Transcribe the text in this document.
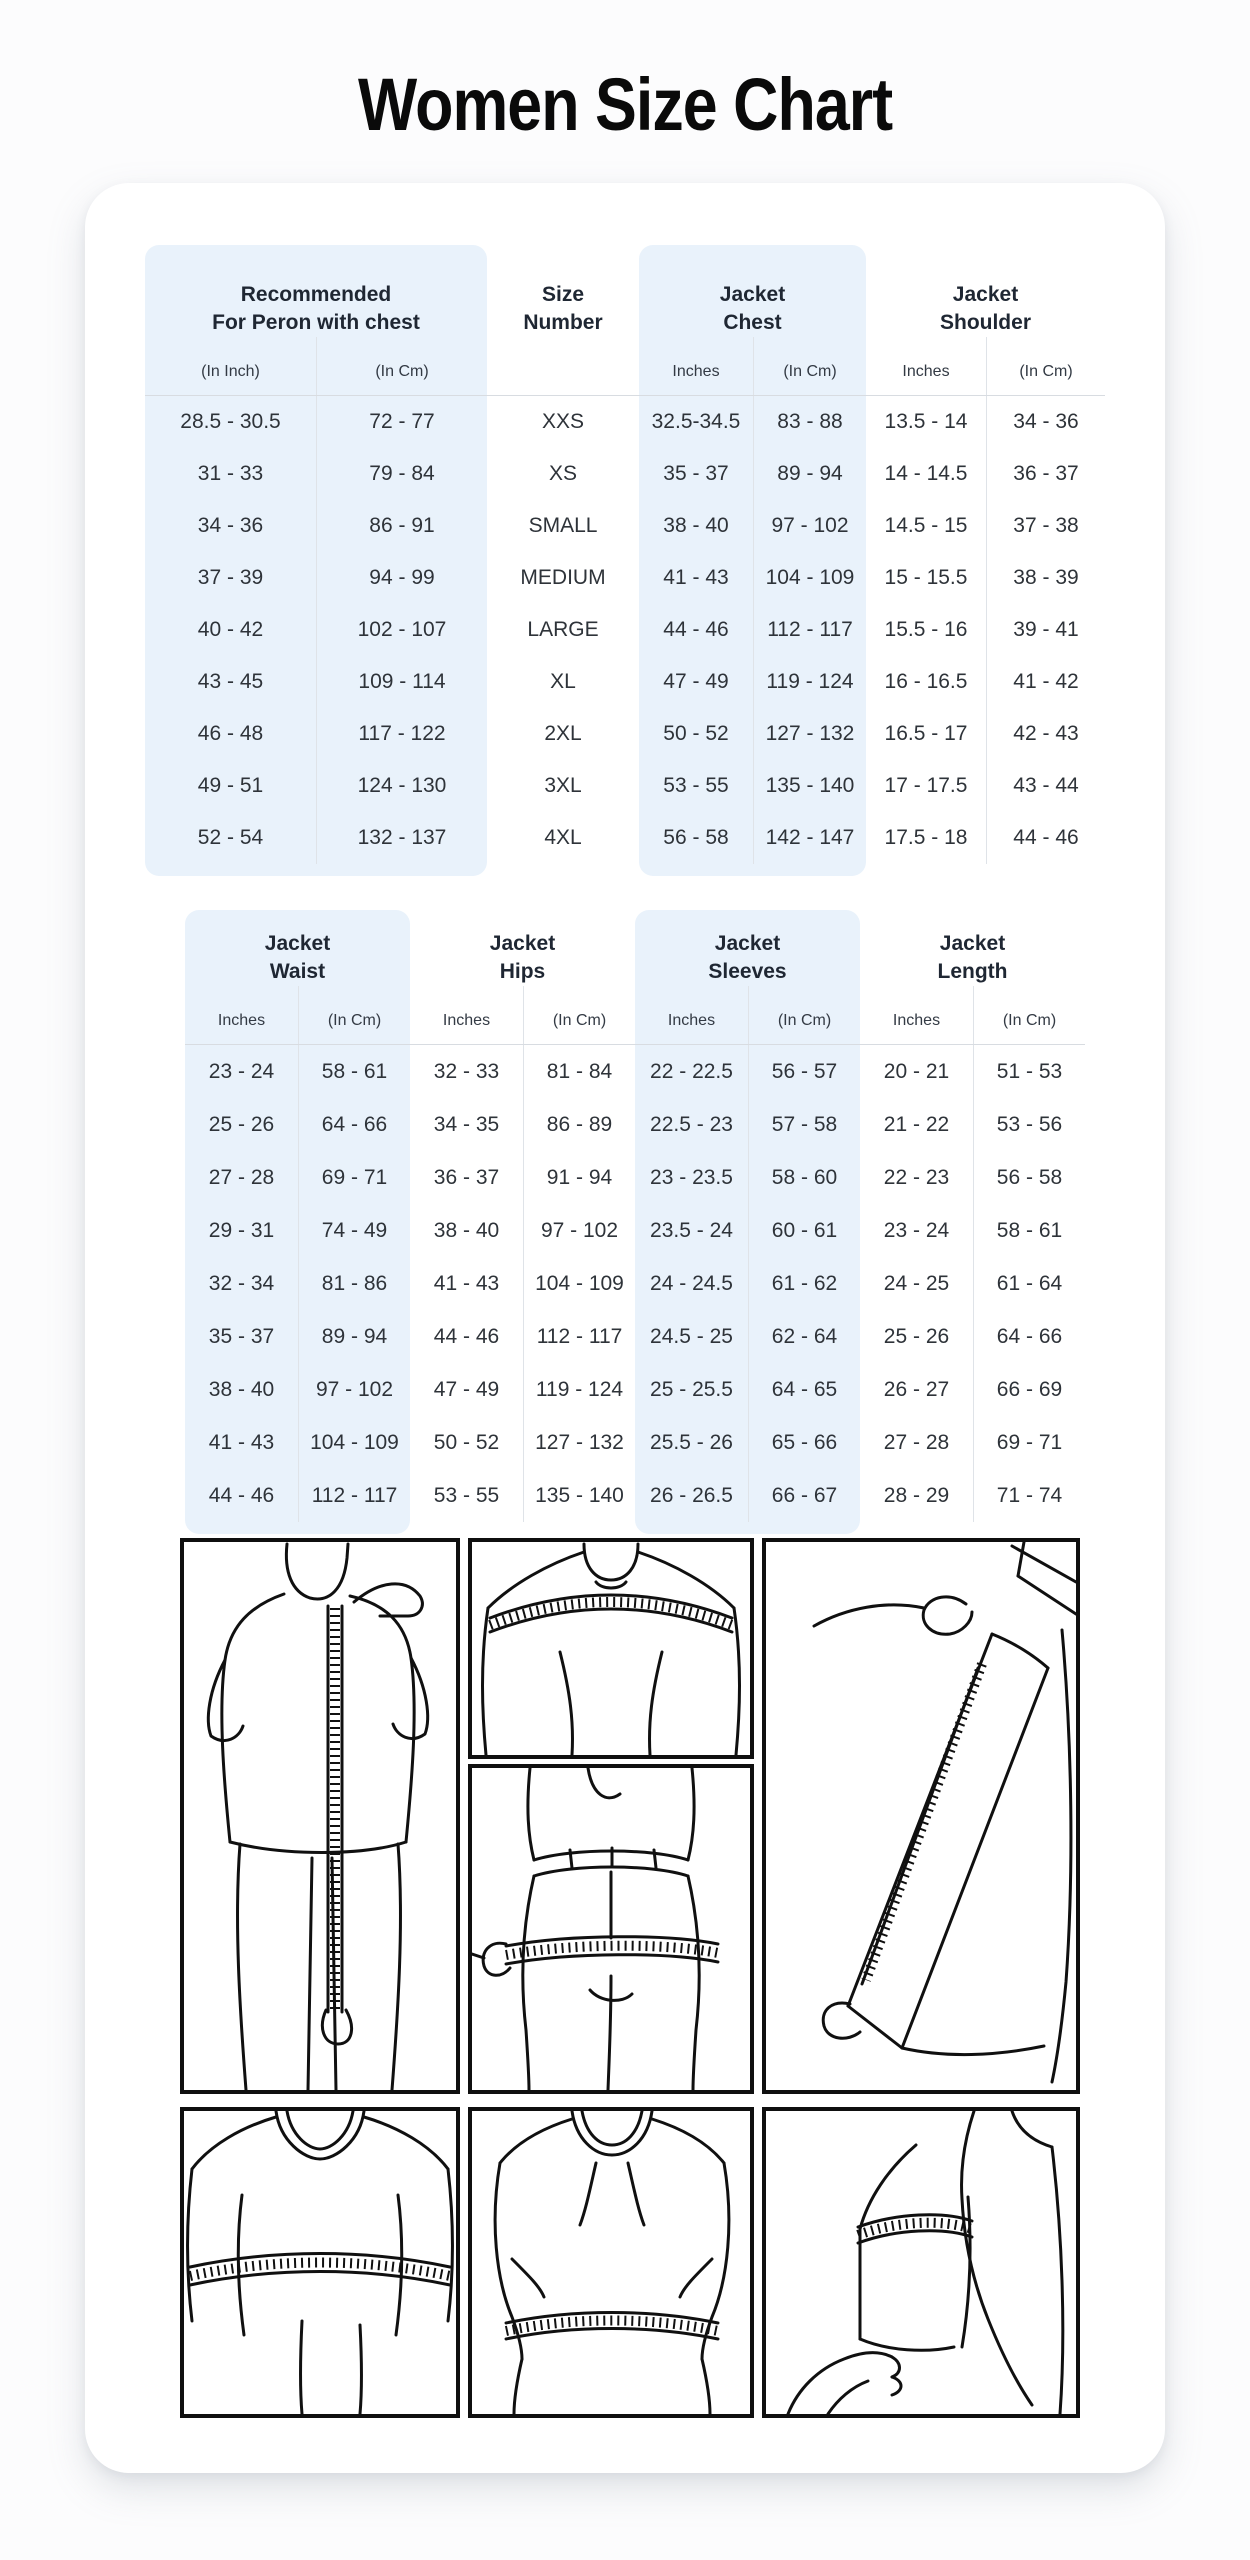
Women Size Chart
Recommended
For Peron with chest
Size
Number
Jacket
Chest
Jacket
Shoulder
(In Inch)	(In Cm)	Inches	(In Cm)	Inches	(In Cm)
28.5 - 30.5	72 - 77	XXS	32.5-34.5	83 - 88	13.5 - 14	34 - 36
31 - 33	79 - 84	XS	35 - 37	89 - 94	14 - 14.5	36 - 37
34 - 36	86 - 91	SMALL	38 - 40	97 - 102	14.5 - 15	37 - 38
37 - 39	94 - 99	MEDIUM	41 - 43	104 - 109	15 - 15.5	38 - 39
40 - 42	102 - 107	LARGE	44 - 46	112 - 117	15.5 - 16	39 - 41
43 - 45	109 - 114	XL	47 - 49	119 - 124	16 - 16.5	41 - 42
46 - 48	117 - 122	2XL	50 - 52	127 - 132	16.5 - 17	42 - 43
49 - 51	124 - 130	3XL	53 - 55	135 - 140	17 - 17.5	43 - 44
52 - 54	132 - 137	4XL	56 - 58	142 - 147	17.5 - 18	44 - 46
Jacket
Waist
Jacket
Hips
Jacket
Sleeves
Jacket
Length
Inches	(In Cm)	Inches	(In Cm)	Inches	(In Cm)	Inches	(In Cm)
23 - 24	58 - 61	32 - 33	81 - 84	22 - 22.5	56 - 57	20 - 21	51 - 53
25 - 26	64 - 66	34 - 35	86 - 89	22.5 - 23	57 - 58	21 - 22	53 - 56
27 - 28	69 - 71	36 - 37	91 - 94	23 - 23.5	58 - 60	22 - 23	56 - 58
29 - 31	74 - 49	38 - 40	97 - 102	23.5 - 24	60 - 61	23 - 24	58 - 61
32 - 34	81 - 86	41 - 43	104 - 109	24 - 24.5	61 - 62	24 - 25	61 - 64
35 - 37	89 - 94	44 - 46	112 - 117	24.5 - 25	62 - 64	25 - 26	64 - 66
38 - 40	97 - 102	47 - 49	119 - 124	25 - 25.5	64 - 65	26 - 27	66 - 69
41 - 43	104 - 109	50 - 52	127 - 132	25.5 - 26	65 - 66	27 - 28	69 - 71
44 - 46	112 - 117	53 - 55	135 - 140	26 - 26.5	66 - 67	28 - 29	71 - 74
